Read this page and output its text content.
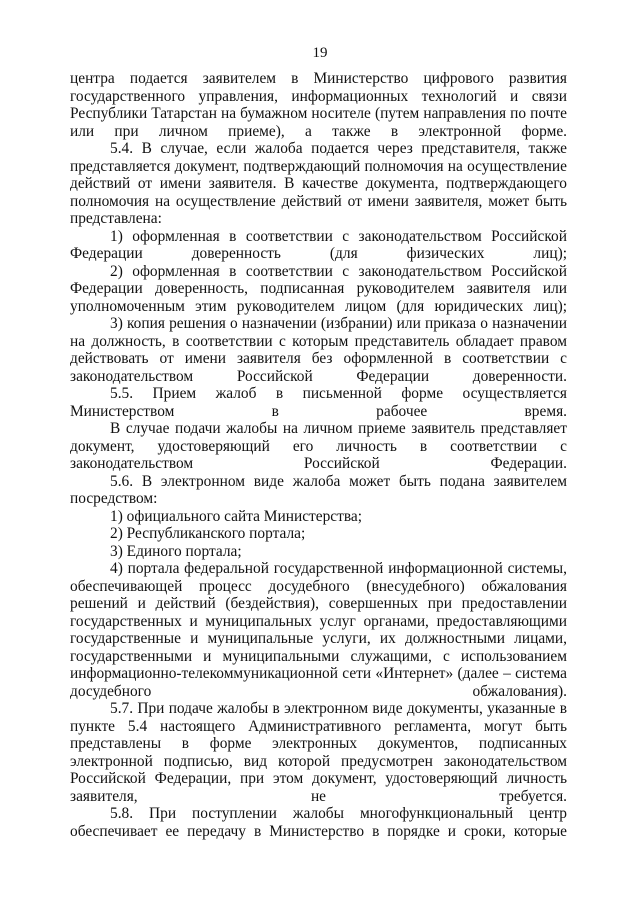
19

центра подается заявителем в Министерство цифрового развития государственного управления, информационных технологий и связи Республики Татарстан на бумажном носителе (путем направления по почте или при личном приеме), а также в электронной форме.

5.4. В случае, если жалоба подается через представителя, также представляется документ, подтверждающий полномочия на осуществление действий от имени заявителя. В качестве документа, подтверждающего полномочия на осуществление действий от имени заявителя, может быть представлена:

1) оформленная в соответствии с законодательством Российской Федерации доверенность (для физических лиц);

2) оформленная в соответствии с законодательством Российской Федерации доверенность, подписанная руководителем заявителя или уполномоченным этим руководителем лицом (для юридических лиц);

3) копия решения о назначении (избрании) или приказа о назначении на должность, в соответствии с которым представитель обладает правом действовать от имени заявителя без оформленной в соответствии с законодательством Российской Федерации доверенности.

5.5. Прием жалоб в письменной форме осуществляется Министерством в рабочее время.

В случае подачи жалобы на личном приеме заявитель представляет документ, удостоверяющий его личность в соответствии с законодательством Российской Федерации.

5.6. В электронном виде жалоба может быть подана заявителем посредством:

1) официального сайта Министерства;

2) Республиканского портала;

3) Единого портала;

4) портала федеральной государственной информационной системы, обеспечивающей процесс досудебного (внесудебного) обжалования решений и действий (бездействия), совершенных при предоставлении государственных и муниципальных услуг органами, предоставляющими государственные и муниципальные услуги, их должностными лицами, государственными и муниципальными служащими, с использованием информационно-телекоммуникационной сети «Интернет» (далее – система досудебного обжалования).

5.7. При подаче жалобы в электронном виде документы, указанные в пункте 5.4 настоящего Административного регламента, могут быть представлены в форме электронных документов, подписанных электронной подписью, вид которой предусмотрен законодательством Российской Федерации, при этом документ, удостоверяющий личность заявителя, не требуется.

5.8. При поступлении жалобы многофункциональный центр обеспечивает ее передачу в Министерство в порядке и сроки, которые
